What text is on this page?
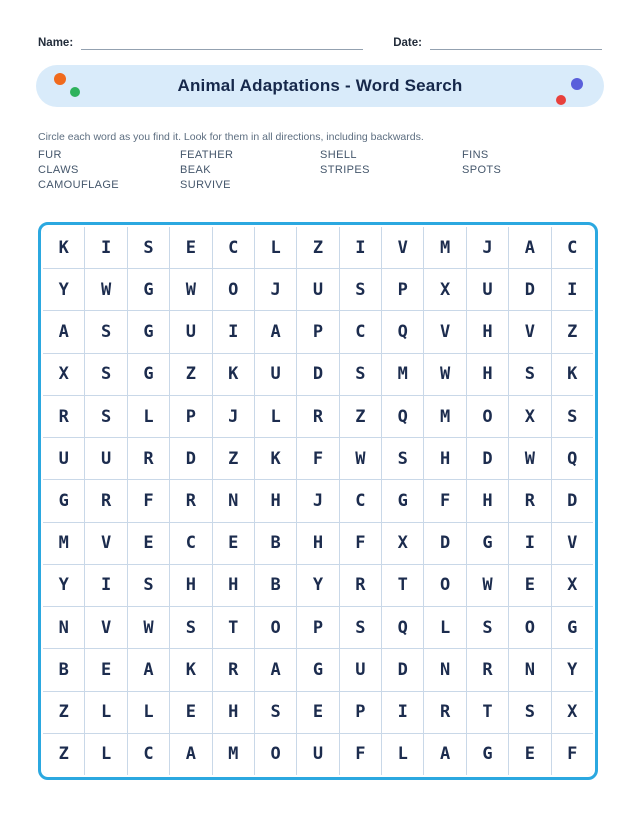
Name:	Date:
Animal Adaptations - Word Search
Circle each word as you find it. Look for them in all directions, including backwards.
FUR
CLAWS
CAMOUFLAGE
FEATHER
BEAK
SURVIVE
SHELL
STRIPES
FINS
SPOTS
K	I	S	E	C	L	Z	I	V	M	J	A	C
Y	W	G	W	O	J	U	S	P	X	U	D	I
A	S	G	U	I	A	P	C	Q	V	H	V	Z
X	S	G	Z	K	U	D	S	M	W	H	S	K
R	S	L	P	J	L	R	Z	Q	M	O	X	S
U	U	R	D	Z	K	F	W	S	H	D	W	Q
G	R	F	R	N	H	J	C	G	F	H	R	D
M	V	E	C	E	B	H	F	X	D	G	I	V
Y	I	S	H	H	B	Y	R	T	O	W	E	X
N	V	W	S	T	O	P	S	Q	L	S	O	G
B	E	A	K	R	A	G	U	D	N	R	N	Y
Z	L	L	E	H	S	E	P	I	R	T	S	X
Z	L	C	A	M	O	U	F	L	A	G	E	F
